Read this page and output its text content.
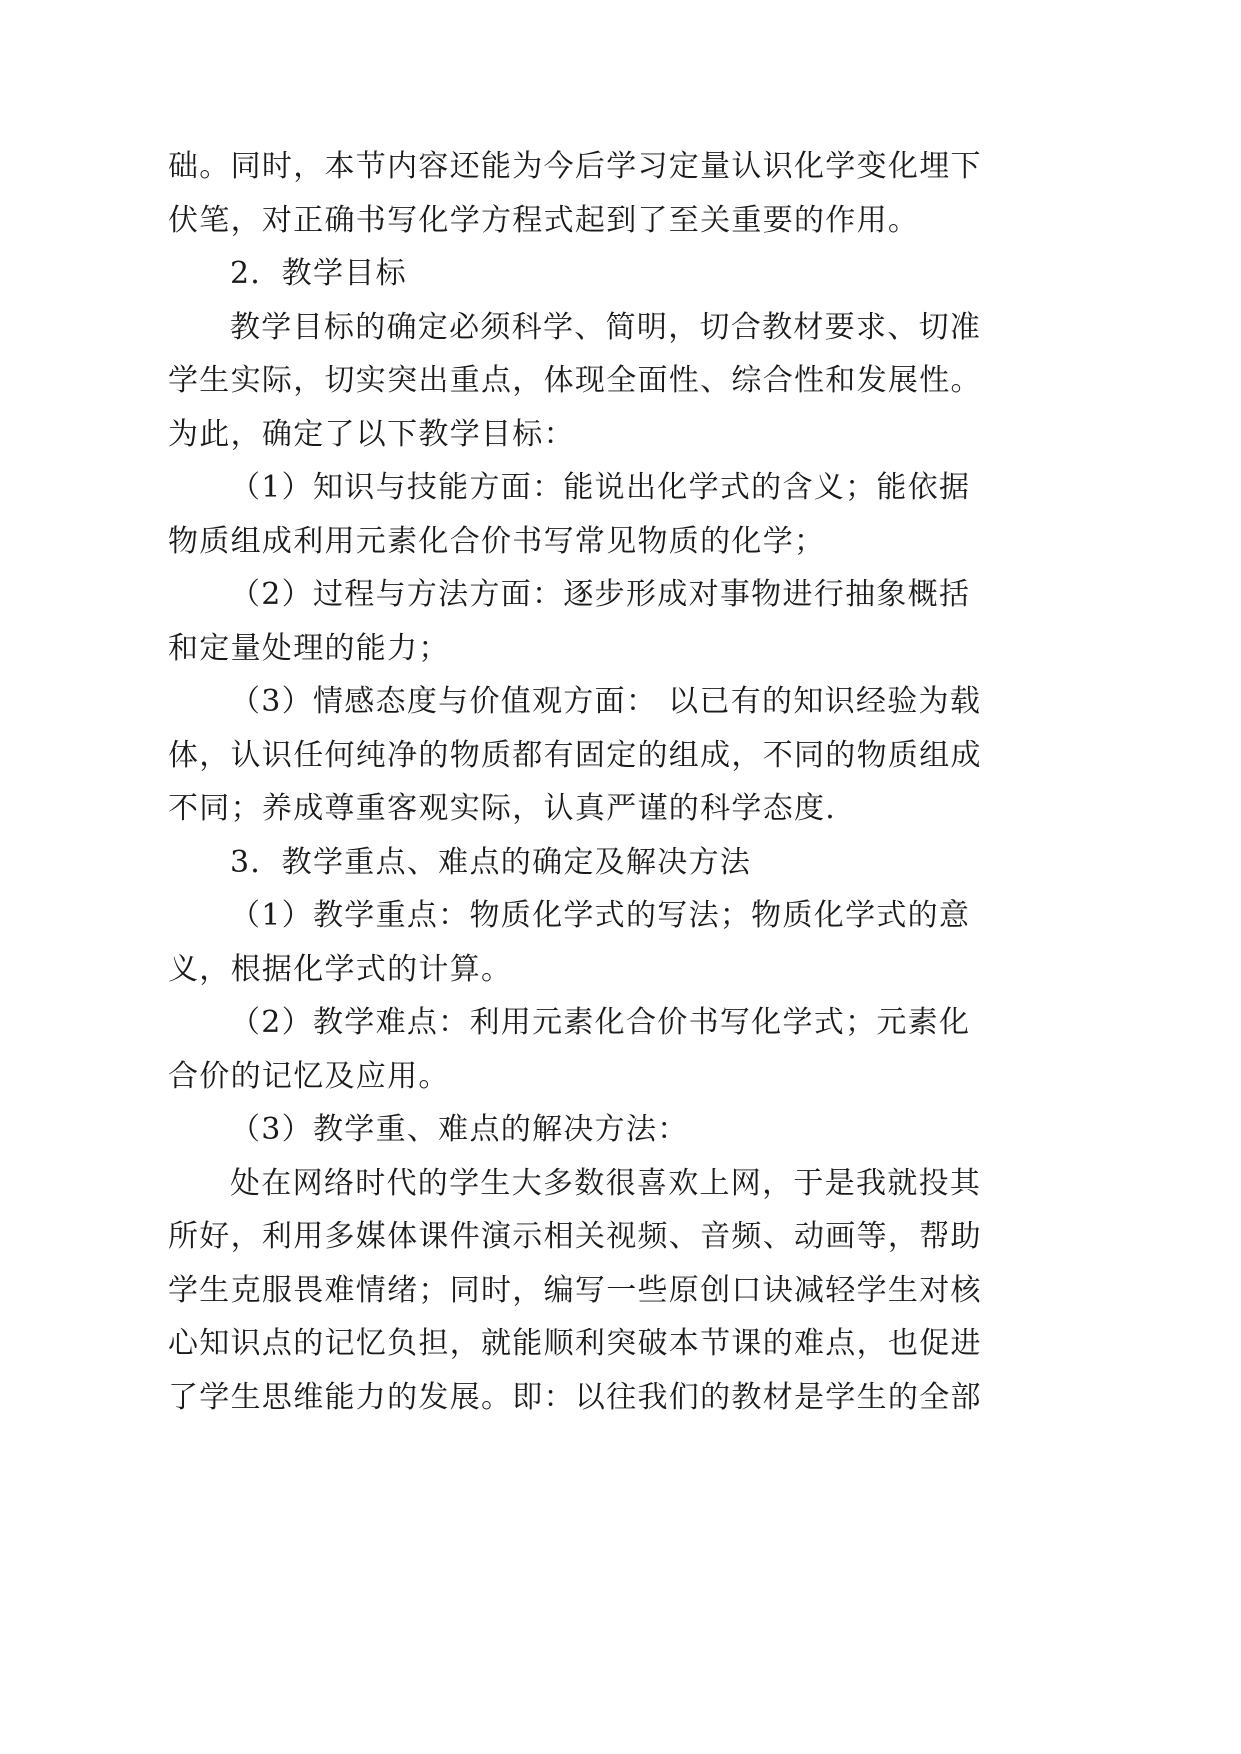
础。同时，本节内容还能为今后学习定量认识化学变化埋下
伏笔，对正确书写化学方程式起到了至关重要的作用。
2．教学目标
教学目标的确定必须科学、简明，切合教材要求、切准
学生实际，切实突出重点，体现全面性、综合性和发展性。
为此，确定了以下教学目标：
（1）知识与技能方面：能说出化学式的含义；能依据
物质组成利用元素化合价书写常见物质的化学；
（2）过程与方法方面：逐步形成对事物进行抽象概括
和定量处理的能力；
（3）情感态度与价值观方面： 以已有的知识经验为载
体，认识任何纯净的物质都有固定的组成，不同的物质组成
不同；养成尊重客观实际，认真严谨的科学态度.
3．教学重点、难点的确定及解决方法
（1）教学重点：物质化学式的写法；物质化学式的意
义，根据化学式的计算。
（2）教学难点：利用元素化合价书写化学式；元素化
合价的记忆及应用。
（3）教学重、难点的解决方法：
处在网络时代的学生大多数很喜欢上网，于是我就投其
所好，利用多媒体课件演示相关视频、音频、动画等，帮助
学生克服畏难情绪；同时，编写一些原创口诀减轻学生对核
心知识点的记忆负担，就能顺利突破本节课的难点，也促进
了学生思维能力的发展。即：以往我们的教材是学生的全部
